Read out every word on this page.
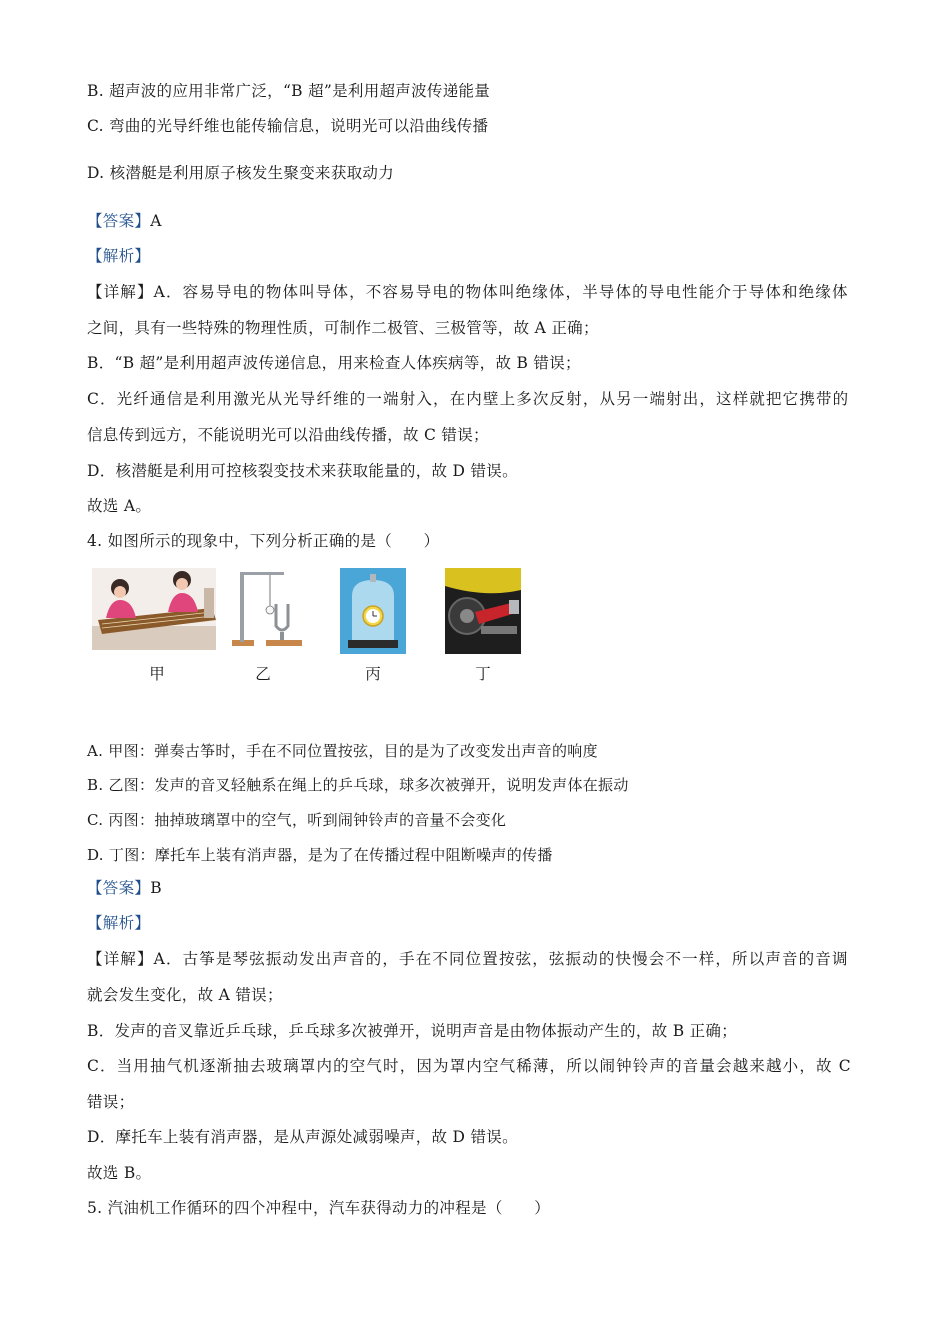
B. 超声波的应用非常广泛，“B 超”是利用超声波传递能量
C. 弯曲的光导纤维也能传输信息，说明光可以沿曲线传播
D. 核潜艇是利用原子核发生聚变来获取动力
【答案】A
【解析】
【详解】A．容易导电的物体叫导体，不容易导电的物体叫绝缘体，半导体的导电性能介于导体和绝缘体
之间，具有一些特殊的物理性质，可制作二极管、三极管等，故 A 正确；
B．“B 超”是利用超声波传递信息，用来检查人体疾病等，故 B 错误；
C．光纤通信是利用激光从光导纤维的一端射入，在内壁上多次反射，从另一端射出，这样就把它携带的
信息传到远方，不能说明光可以沿曲线传播，故 C 错误；
D．核潜艇是利用可控核裂变技术来获取能量的，故 D 错误。
故选 A。
4. 如图所示的现象中，下列分析正确的是（　　）
甲	乙	丙	丁
A. 甲图：弹奏古筝时，手在不同位置按弦，目的是为了改变发出声音的响度
B. 乙图：发声的音叉轻触系在绳上的乒乓球，球多次被弹开，说明发声体在振动
C. 丙图：抽掉玻璃罩中的空气，听到闹钟铃声的音量不会变化
D. 丁图：摩托车上装有消声器，是为了在传播过程中阻断噪声的传播
【答案】B
【解析】
【详解】A．古筝是琴弦振动发出声音的，手在不同位置按弦，弦振动的快慢会不一样，所以声音的音调
就会发生变化，故 A 错误；
B．发声的音叉靠近乒乓球，乒乓球多次被弹开，说明声音是由物体振动产生的，故 B 正确；
C．当用抽气机逐渐抽去玻璃罩内的空气时，因为罩内空气稀薄，所以闹钟铃声的音量会越来越小，故 C
错误；
D．摩托车上装有消声器，是从声源处减弱噪声，故 D 错误。
故选 B。
5. 汽油机工作循环的四个冲程中，汽车获得动力的冲程是（　　）
